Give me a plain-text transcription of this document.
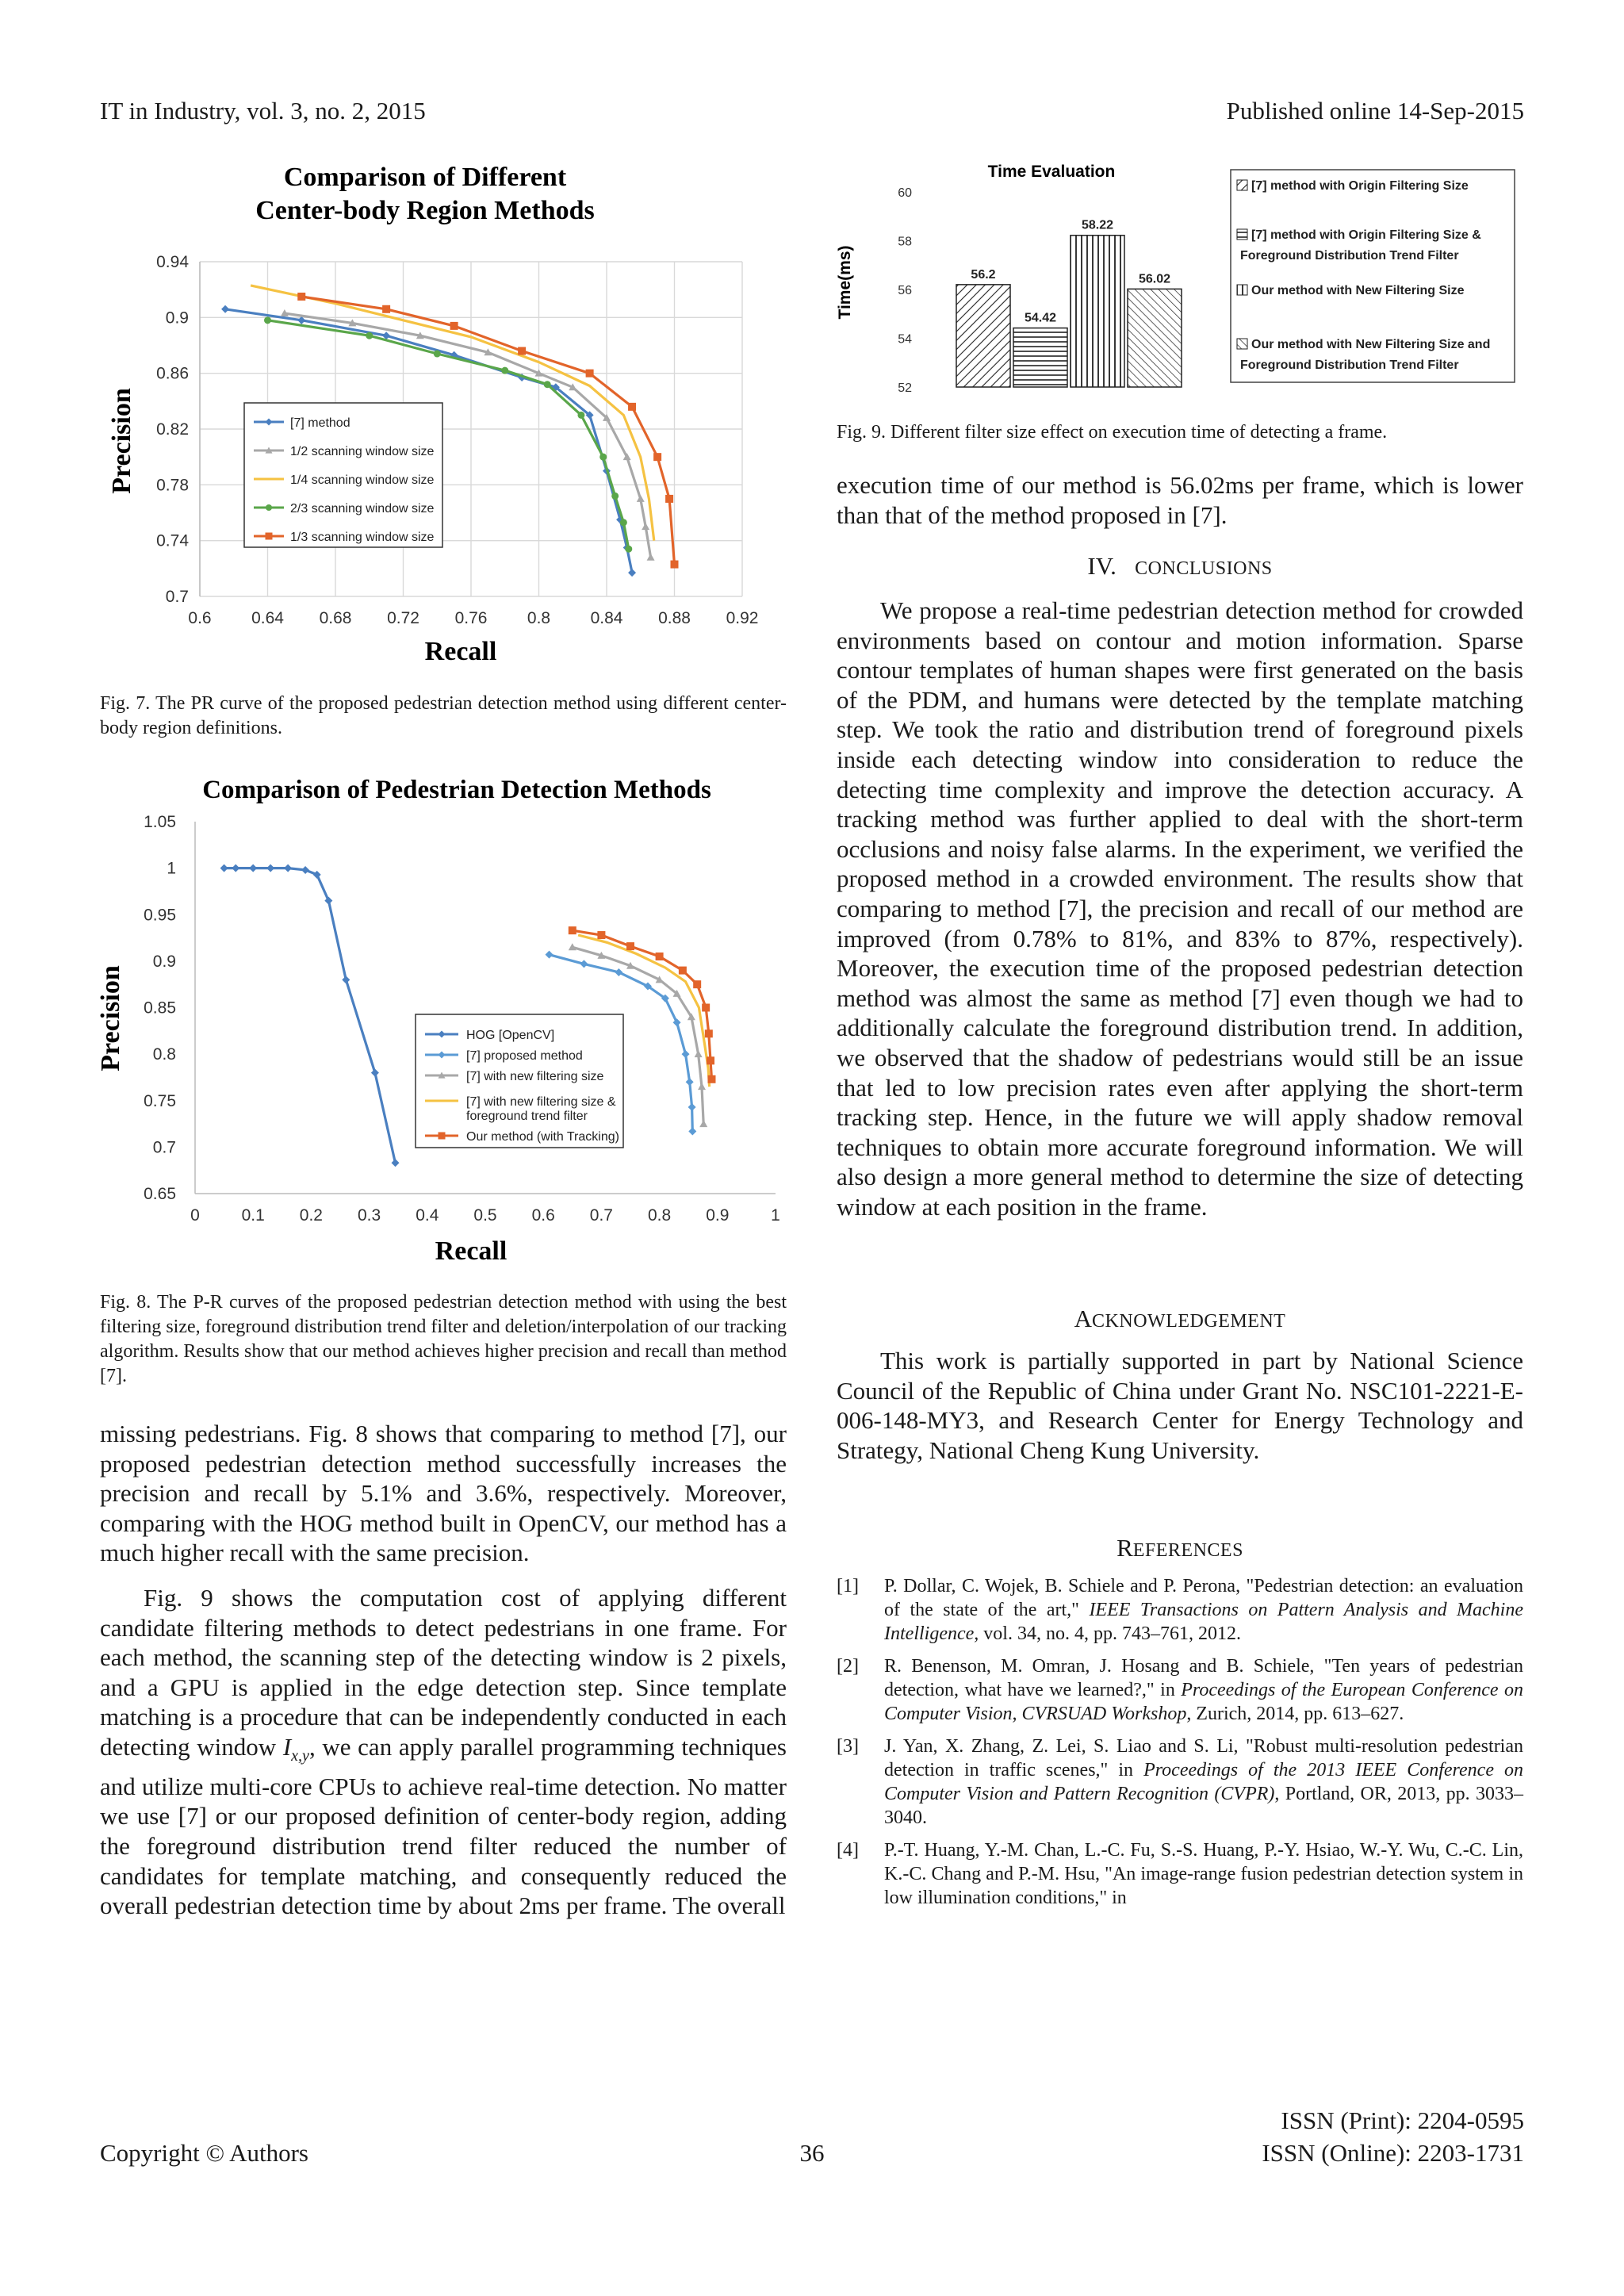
IT in Industry, vol. 3, no. 2, 2015	Published online 14-Sep-2015
Comparison of Different
Center-body Region Methods
0.7
0.74
0.78
0.82
0.86
0.9
0.94
0.6 0.64 0.68 0.72 0.76 0.8 0.84 0.88 0.92
Recall
Precision	[7] method
1/2 scanning window size
1/4 scanning window size
2/3 scanning window size
1/3 scanning window size
Fig. 7. The PR curve of the proposed pedestrian detection method using different center-body region definitions.
Comparison of Pedestrian Detection Methods
0.65
0.7
0.75
0.8
0.85
0.9
0.95
1
1.05
0	0.1 0.2 0.3 0.4 0.5 0.6 0.7 0.8 0.9	1
Recall
Precision	HOG [OpenCV]
[7] proposed method
[7] with new filtering size
[7] with new filtering size &
foreground trend filter
Our method (with Tracking)
Fig. 8. The P-R curves of the proposed pedestrian detection method with using the best filtering size, foreground distribution trend filter and deletion/interpolation of our tracking algorithm. Results show that our method achieves higher precision and recall than method [7].
missing pedestrians. Fig. 8 shows that comparing to method [7], our proposed pedestrian detection method successfully increases the precision and recall by 5.1% and 3.6%, respectively. Moreover, comparing with the HOG method built in OpenCV, our method has a much higher recall with the same precision.
Fig. 9 shows the computation cost of applying different candidate filtering methods to detect pedestrians in one frame. For each method, the scanning step of the detecting window is 2 pixels, and a GPU is applied in the edge detection step. Since template matching is a procedure that can be independently conducted in each detecting window $I_{x,y}$, we can apply parallel programming techniques and utilize multi-core CPUs to achieve real-time detection. No matter we use [7] or our proposed definition of center-body region, adding the foreground distribution trend filter reduced the number of candidates for template matching, and consequently reduced the overall pedestrian detection time by about 2ms per frame. The overall
Time Evaluation
Time(ms)
52
54
56
58
60
56.2
54.42
58.22
56.02
[7] method with Origin Filtering Size
[7] method with Origin Filtering Size &
Foreground Distribution Trend Filter
Our method with New Filtering Size
Our method with New Filtering Size and
Foreground Distribution Trend Filter
Fig. 9. Different filter size effect on execution time of detecting a frame.
execution time of our method is 56.02ms per frame, which is lower than that of the method proposed in [7].
IV. CONCLUSIONS
We propose a real-time pedestrian detection method for crowded environments based on contour and motion information. Sparse contour templates of human shapes were first generated on the basis of the PDM, and humans were detected by the template matching step. We took the ratio and distribution trend of foreground pixels inside each detecting window into consideration to reduce the detecting time complexity and improve the detection accuracy. A tracking method was further applied to deal with the short-term occlusions and noisy false alarms. In the experiment, we verified the proposed method in a crowded environment. The results show that comparing to method [7], the precision and recall of our method are improved (from 0.78% to 81%, and 83% to 87%, respectively). Moreover, the execution time of the proposed pedestrian detection method was almost the same as method [7] even though we had to additionally calculate the foreground distribution trend. In addition, we observed that the shadow of pedestrians would still be an issue that led to low precision rates even after applying the short-term tracking step. Hence, in the future we will apply shadow removal techniques to obtain more accurate foreground information. We will also design a more general method to determine the size of detecting window at each position in the frame.
ACKNOWLEDGEMENT
This work is partially supported in part by National Science Council of the Republic of China under Grant No. NSC101-2221-E-006-148-MY3, and Research Center for Energy Technology and Strategy, National Cheng Kung University.
REFERENCES
[1] P. Dollar, C. Wojek, B. Schiele and P. Perona, "Pedestrian detection: an evaluation of the state of the art," IEEE Transactions on Pattern Analysis and Machine Intelligence, vol. 34, no. 4, pp. 743–761, 2012.
[2] R. Benenson, M. Omran, J. Hosang and B. Schiele, "Ten years of pedestrian detection, what have we learned?," in Proceedings of the European Conference on Computer Vision, CVRSUAD Workshop, Zurich, 2014, pp. 613–627.
[3] J. Yan, X. Zhang, Z. Lei, S. Liao and S. Li, "Robust multi-resolution pedestrian detection in traffic scenes," in Proceedings of the 2013 IEEE Conference on Computer Vision and Pattern Recognition (CVPR), Portland, OR, 2013, pp. 3033–3040.
[4] P.-T. Huang, Y.-M. Chan, L.-C. Fu, S.-S. Huang, P.-Y. Hsiao, W.-Y. Wu, C.-C. Lin, K.-C. Chang and P.-M. Hsu, "An image-range fusion pedestrian detection system in low illumination conditions," in
Copyright © Authors	36
ISSN (Print): 2204-0595
ISSN (Online): 2203-1731
